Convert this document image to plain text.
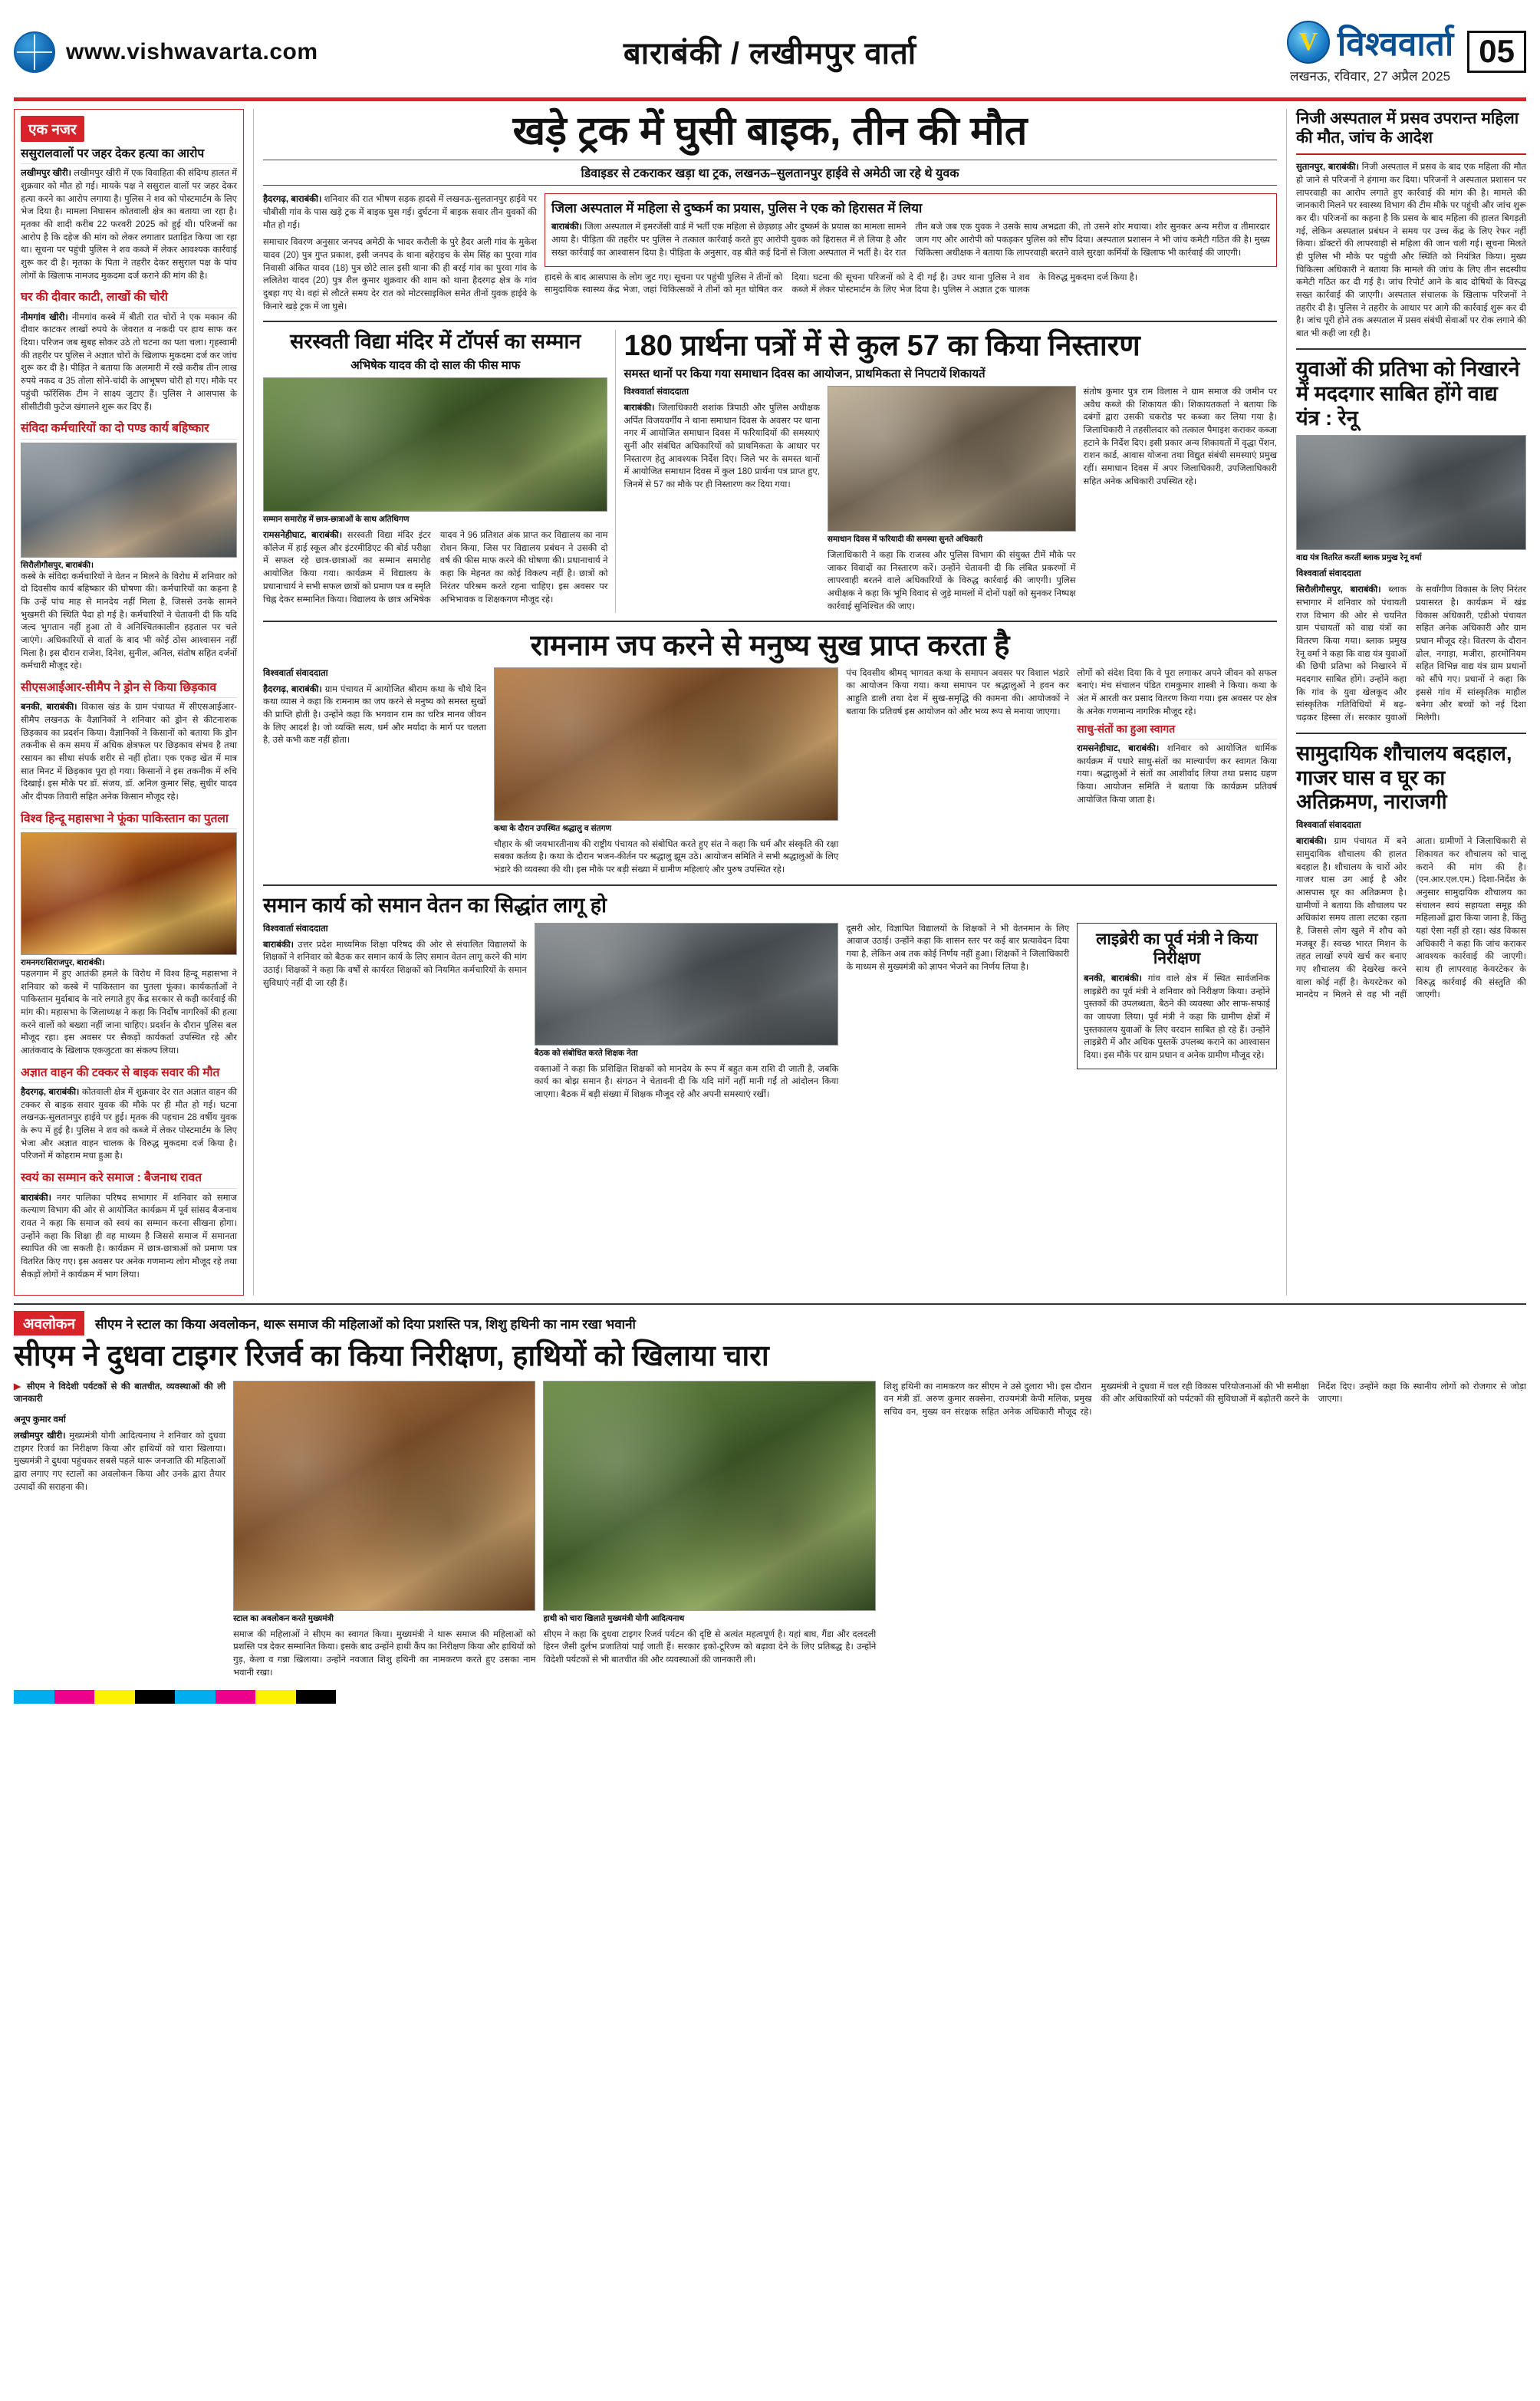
www.vishwavarta.com	बाराबंकी / लखीमपुर वार्ता	V विश्ववार्ता
लखनऊ, रविवार, 27 अप्रैल 2025
05
एक नजर
ससुरालवालों पर जहर देकर हत्या का आरोप
लखीमपुर खीरी। लखीमपुर खीरी में एक विवाहिता की संदिग्ध हालत में शुक्रवार को मौत हो गई। मायके पक्ष ने ससुराल वालों पर जहर देकर हत्या करने का आरोप लगाया है। पुलिस ने शव को पोस्टमार्टम के लिए भेज दिया है। मामला निघासन कोतवाली क्षेत्र का बताया जा रहा है। मृतका की शादी करीब 22 फरवरी 2025 को हुई थी। परिजनों का आरोप है कि दहेज की मांग को लेकर लगातार प्रताड़ित किया जा रहा था। सूचना पर पहुंची पुलिस ने शव कब्जे में लेकर आवश्यक कार्रवाई शुरू कर दी है। मृतका के पिता ने तहरीर देकर ससुराल पक्ष के पांच लोगों के खिलाफ नामजद मुकदमा दर्ज कराने की मांग की है।
घर की दीवार काटी, लाखों की चोरी
नीमगांव खीरी। नीमगांव कस्बे में बीती रात चोरों ने एक मकान की दीवार काटकर लाखों रुपये के जेवरात व नकदी पर हाथ साफ कर दिया। परिजन जब सुबह सोकर उठे तो घटना का पता चला। गृहस्वामी की तहरीर पर पुलिस ने अज्ञात चोरों के खिलाफ मुकदमा दर्ज कर जांच शुरू कर दी है। पीड़ित ने बताया कि अलमारी में रखे करीब तीन लाख रुपये नकद व 35 तोला सोने-चांदी के आभूषण चोरी हो गए। मौके पर पहुंची फॉरेंसिक टीम ने साक्ष्य जुटाए हैं। पुलिस ने आसपास के सीसीटीवी फुटेज खंगालने शुरू कर दिए हैं।
संविदा कर्मचारियों का दो पण्ड कार्य बहिष्कार
सिरौलीगौसपुर, बाराबंकी।
कस्बे के संविदा कर्मचारियों ने वेतन न मिलने के विरोध में शनिवार को दो दिवसीय कार्य बहिष्कार की घोषणा की। कर्मचारियों का कहना है कि उन्हें पांच माह से मानदेय नहीं मिला है, जिससे उनके सामने भुखमरी की स्थिति पैदा हो गई है। कर्मचारियों ने चेतावनी दी कि यदि जल्द भुगतान नहीं हुआ तो वे अनिश्चितकालीन हड़ताल पर चले जाएंगे। अधिकारियों से वार्ता के बाद भी कोई ठोस आश्वासन नहीं मिला है। इस दौरान राजेश, दिनेश, सुनील, अनिल, संतोष सहित दर्जनों कर्मचारी मौजूद रहे।
सीएसआईआर-सीमैप ने ड्रोन से किया छिड़काव
बनकी, बाराबंकी। विकास खंड के ग्राम पंचायत में सीएसआईआर-सीमैप लखनऊ के वैज्ञानिकों ने शनिवार को ड्रोन से कीटनाशक छिड़काव का प्रदर्शन किया। वैज्ञानिकों ने किसानों को बताया कि ड्रोन तकनीक से कम समय में अधिक क्षेत्रफल पर छिड़काव संभव है तथा रसायन का सीधा संपर्क शरीर से नहीं होता। एक एकड़ खेत में मात्र सात मिनट में छिड़काव पूरा हो गया। किसानों ने इस तकनीक में रुचि दिखाई। इस मौके पर डॉ. संजय, डॉ. अनिल कुमार सिंह, सुधीर यादव और दीपक तिवारी सहित अनेक किसान मौजूद रहे।
विश्व हिन्दू महासभा ने फूंका पाकिस्तान का पुतला
रामनगर/सिराजपुर, बाराबंकी।
पहलगाम में हुए आतंकी हमले के विरोध में विश्व हिन्दू महासभा ने शनिवार को कस्बे में पाकिस्तान का पुतला फूंका। कार्यकर्ताओं ने पाकिस्तान मुर्दाबाद के नारे लगाते हुए केंद्र सरकार से कड़ी कार्रवाई की मांग की। महासभा के जिलाध्यक्ष ने कहा कि निर्दोष नागरिकों की हत्या करने वालों को बख्शा नहीं जाना चाहिए। प्रदर्शन के दौरान पुलिस बल मौजूद रहा। इस अवसर पर सैकड़ों कार्यकर्ता उपस्थित रहे और आतंकवाद के खिलाफ एकजुटता का संकल्प लिया।
अज्ञात वाहन की टक्कर से बाइक सवार की मौत
हैदरगढ़, बाराबंकी। कोतवाली क्षेत्र में शुक्रवार देर रात अज्ञात वाहन की टक्कर से बाइक सवार युवक की मौके पर ही मौत हो गई। घटना लखनऊ-सुलतानपुर हाईवे पर हुई। मृतक की पहचान 28 वर्षीय युवक के रूप में हुई है। पुलिस ने शव को कब्जे में लेकर पोस्टमार्टम के लिए भेजा और अज्ञात वाहन चालक के विरुद्ध मुकदमा दर्ज किया है। परिजनों में कोहराम मचा हुआ है।
स्वयं का सम्मान करे समाज : बैजनाथ रावत
बाराबंकी। नगर पालिका परिषद सभागार में शनिवार को समाज कल्याण विभाग की ओर से आयोजित कार्यक्रम में पूर्व सांसद बैजनाथ रावत ने कहा कि समाज को स्वयं का सम्मान करना सीखना होगा। उन्होंने कहा कि शिक्षा ही वह माध्यम है जिससे समाज में समानता स्थापित की जा सकती है। कार्यक्रम में छात्र-छात्राओं को प्रमाण पत्र वितरित किए गए। इस अवसर पर अनेक गणमान्य लोग मौजूद रहे तथा सैकड़ों लोगों ने कार्यक्रम में भाग लिया।
खड़े ट्रक में घुसी बाइक, तीन की मौत
डिवाइडर से टकराकर खड़ा था ट्रक, लखनऊ–सुलतानपुर हाईवे से अमेठी जा रहे थे युवक
हैदरगढ़, बाराबंकी। शनिवार की रात भीषण सड़क हादसे में लखनऊ-सुलतानपुर हाईवे पर चौबीसी गांव के पास खड़े ट्रक में बाइक घुस गई। दुर्घटना में बाइक सवार तीन युवकों की मौत हो गई।
समाचार विवरण अनुसार जनपद अमेठी के भादर करौली के पुरे हैदर अली गांव के मुकेश यादव (20) पुत्र गुप्त प्रकाश, इसी जनपद के थाना बहेराइच के सेम सिंह का पुरवा गांव निवासी अंकित यादव (18) पुत्र छोटे लाल इसी थाना की ही बरई गांव का पुरवा गांव के ललितेश यादव (20) पुत्र शैल कुमार शुक्रवार की शाम को थाना हैदरगढ़ क्षेत्र के गांव दुबहा गए थे। वहां से लौटते समय देर रात को मोटरसाइकिल समेत तीनों युवक हाईवे के किनारे खड़े ट्रक में जा घुसे।
जिला अस्पताल में महिला से दुष्कर्म का प्रयास, पुलिस ने एक को हिरासत में लिया
बाराबंकी। जिला अस्पताल में इमरजेंसी वार्ड में भर्ती एक महिला से छेड़छाड़ और दुष्कर्म के प्रयास का मामला सामने आया है। पीड़िता की तहरीर पर पुलिस ने तत्काल कार्रवाई करते हुए आरोपी युवक को हिरासत में ले लिया है और सख्त कार्रवाई का आश्वासन दिया है। पीड़िता के अनुसार, वह बीते कई दिनों से जिला अस्पताल में भर्ती है। देर रात तीन बजे जब एक युवक ने उसके साथ अभद्रता की, तो उसने शोर मचाया। शोर सुनकर अन्य मरीज व तीमारदार जाग गए और आरोपी को पकड़कर पुलिस को सौंप दिया। अस्पताल प्रशासन ने भी जांच कमेटी गठित की है। मुख्य चिकित्सा अधीक्षक ने बताया कि लापरवाही बरतने वाले सुरक्षा कर्मियों के खिलाफ भी कार्रवाई की जाएगी।
हादसे के बाद आसपास के लोग जुट गए। सूचना पर पहुंची पुलिस ने तीनों को सामुदायिक स्वास्थ्य केंद्र भेजा, जहां चिकित्सकों ने तीनों को मृत घोषित कर दिया। घटना की सूचना परिजनों को दे दी गई है। उधर थाना पुलिस ने शव कब्जे में लेकर पोस्टमार्टम के लिए भेज दिया है। पुलिस ने अज्ञात ट्रक चालक के विरुद्ध मुकदमा दर्ज किया है।
सरस्वती विद्या मंदिर में टॉपर्स का सम्मान
अभिषेक यादव की दो साल की फीस माफ
सम्मान समारोह में छात्र-छात्राओं के साथ अतिथिगण
रामसनेहीघाट, बाराबंकी। सरस्वती विद्या मंदिर इंटर कॉलेज में हाई स्कूल और इंटरमीडिएट की बोर्ड परीक्षा में सफल रहे छात्र-छात्राओं का सम्मान समारोह आयोजित किया गया। कार्यक्रम में विद्यालय के प्रधानाचार्य ने सभी सफल छात्रों को प्रमाण पत्र व स्मृति चिह्न देकर सम्मानित किया। विद्यालय के छात्र अभिषेक यादव ने 96 प्रतिशत अंक प्राप्त कर विद्यालय का नाम रोशन किया, जिस पर विद्यालय प्रबंधन ने उसकी दो वर्ष की फीस माफ करने की घोषणा की। प्रधानाचार्य ने कहा कि मेहनत का कोई विकल्प नहीं है। छात्रों को निरंतर परिश्रम करते रहना चाहिए। इस अवसर पर अभिभावक व शिक्षकगण मौजूद रहे।
180 प्रार्थना पत्रों में से कुल 57 का किया निस्तारण
समस्त थानों पर किया गया समाधान दिवस का आयोजन, प्राथमिकता से निपटायें शिकायतें
विश्ववार्ता संवाददाता
बाराबंकी। जिलाधिकारी शशांक त्रिपाठी और पुलिस अधीक्षक अर्पित विजयवर्गीय ने थाना समाधान दिवस के अवसर पर थाना नगर में आयोजित समाधान दिवस में फरियादियों की समस्याएं सुनीं और संबंधित अधिकारियों को प्राथमिकता के आधार पर निस्तारण हेतु आवश्यक निर्देश दिए। जिले भर के समस्त थानों में आयोजित समाधान दिवस में कुल 180 प्रार्थना पत्र प्राप्त हुए, जिनमें से 57 का मौके पर ही निस्तारण कर दिया गया।
समाधान दिवस में फरियादी की समस्या सुनते अधिकारी
जिलाधिकारी ने कहा कि राजस्व और पुलिस विभाग की संयुक्त टीमें मौके पर जाकर विवादों का निस्तारण करें। उन्होंने चेतावनी दी कि लंबित प्रकरणों में लापरवाही बरतने वाले अधिकारियों के विरुद्ध कार्रवाई की जाएगी। पुलिस अधीक्षक ने कहा कि भूमि विवाद से जुड़े मामलों में दोनों पक्षों को सुनकर निष्पक्ष कार्रवाई सुनिश्चित की जाए।
संतोष कुमार पुत्र राम विलास ने ग्राम समाज की जमीन पर अवैध कब्जे की शिकायत की। शिकायतकर्ता ने बताया कि दबंगों द्वारा उसकी चकरोड पर कब्जा कर लिया गया है। जिलाधिकारी ने तहसीलदार को तत्काल पैमाइश कराकर कब्जा हटाने के निर्देश दिए। इसी प्रकार अन्य शिकायतों में वृद्धा पेंशन, राशन कार्ड, आवास योजना तथा विद्युत संबंधी समस्याएं प्रमुख रहीं। समाधान दिवस में अपर जिलाधिकारी, उपजिलाधिकारी सहित अनेक अधिकारी उपस्थित रहे।
रामनाम जप करने से मनुष्य सुख प्राप्त करता है
विश्ववार्ता संवाददाता
हैदरगढ़, बाराबंकी। ग्राम पंचायत में आयोजित श्रीराम कथा के चौथे दिन कथा व्यास ने कहा कि रामनाम का जप करने से मनुष्य को समस्त सुखों की प्राप्ति होती है। उन्होंने कहा कि भगवान राम का चरित्र मानव जीवन के लिए आदर्श है। जो व्यक्ति सत्य, धर्म और मर्यादा के मार्ग पर चलता है, उसे कभी कष्ट नहीं होता।
कथा के दौरान उपस्थित श्रद्धालु व संतगण
चौहार के श्री जयभारतीनाथ की राष्ट्रीय पंचायत को संबोधित करते हुए संत ने कहा कि धर्म और संस्कृति की रक्षा सबका कर्तव्य है। कथा के दौरान भजन-कीर्तन पर श्रद्धालु झूम उठे। आयोजन समिति ने सभी श्रद्धालुओं के लिए भंडारे की व्यवस्था की थी। इस मौके पर बड़ी संख्या में ग्रामीण महिलाएं और पुरुष उपस्थित रहे।
पंच दिवसीय श्रीमद् भागवत कथा के समापन अवसर पर विशाल भंडारे का आयोजन किया गया। कथा समापन पर श्रद्धालुओं ने हवन कर आहुति डाली तथा देश में सुख-समृद्धि की कामना की। आयोजकों ने बताया कि प्रतिवर्ष इस आयोजन को और भव्य रूप से मनाया जाएगा।
लोगों को संदेश दिया कि वे पूरा लगाकर अपने जीवन को सफल बनाएं। मंच संचालन पंडित रामकुमार शास्त्री ने किया। कथा के अंत में आरती कर प्रसाद वितरण किया गया। इस अवसर पर क्षेत्र के अनेक गणमान्य नागरिक मौजूद रहे।
साधु-संतों का हुआ स्वागत
रामसनेहीघाट, बाराबंकी। शनिवार को आयोजित धार्मिक कार्यक्रम में पधारे साधु-संतों का माल्यार्पण कर स्वागत किया गया। श्रद्धालुओं ने संतों का आशीर्वाद लिया तथा प्रसाद ग्रहण किया। आयोजन समिति ने बताया कि कार्यक्रम प्रतिवर्ष आयोजित किया जाता है।
समान कार्य को समान वेतन का सिद्धांत लागू हो
विश्ववार्ता संवाददाता
बाराबंकी। उत्तर प्रदेश माध्यमिक शिक्षा परिषद की ओर से संचालित विद्यालयों के शिक्षकों ने शनिवार को बैठक कर समान कार्य के लिए समान वेतन लागू करने की मांग उठाई। शिक्षकों ने कहा कि वर्षों से कार्यरत शिक्षकों को नियमित कर्मचारियों के समान सुविधाएं नहीं दी जा रही हैं।
बैठक को संबोधित करते शिक्षक नेता
वक्ताओं ने कहा कि प्रशिक्षित शिक्षकों को मानदेय के रूप में बहुत कम राशि दी जाती है, जबकि कार्य का बोझ समान है। संगठन ने चेतावनी दी कि यदि मांगें नहीं मानी गईं तो आंदोलन किया जाएगा। बैठक में बड़ी संख्या में शिक्षक मौजूद रहे और अपनी समस्याएं रखीं।
दूसरी ओर, विज्ञापित विद्यालयों के शिक्षकों ने भी वेतनमान के लिए आवाज उठाई। उन्होंने कहा कि शासन स्तर पर कई बार प्रत्यावेदन दिया गया है, लेकिन अब तक कोई निर्णय नहीं हुआ। शिक्षकों ने जिलाधिकारी के माध्यम से मुख्यमंत्री को ज्ञापन भेजने का निर्णय लिया है।
लाइब्रेरी का पूर्व मंत्री ने किया निरीक्षण
बनकी, बाराबंकी। गांव वाले क्षेत्र में स्थित सार्वजनिक लाइब्रेरी का पूर्व मंत्री ने शनिवार को निरीक्षण किया। उन्होंने पुस्तकों की उपलब्धता, बैठने की व्यवस्था और साफ-सफाई का जायजा लिया। पूर्व मंत्री ने कहा कि ग्रामीण क्षेत्रों में पुस्तकालय युवाओं के लिए वरदान साबित हो रहे हैं। उन्होंने लाइब्रेरी में और अधिक पुस्तकें उपलब्ध कराने का आश्वासन दिया। इस मौके पर ग्राम प्रधान व अनेक ग्रामीण मौजूद रहे।
निजी अस्पताल में प्रसव उपरान्त महिला की मौत, जांच के आदेश
सुतानपुर, बाराबंकी। निजी अस्पताल में प्रसव के बाद एक महिला की मौत हो जाने से परिजनों ने हंगामा कर दिया। परिजनों ने अस्पताल प्रशासन पर लापरवाही का आरोप लगाते हुए कार्रवाई की मांग की है। मामले की जानकारी मिलने पर स्वास्थ्य विभाग की टीम मौके पर पहुंची और जांच शुरू कर दी। परिजनों का कहना है कि प्रसव के बाद महिला की हालत बिगड़ती गई, लेकिन अस्पताल प्रबंधन ने समय पर उच्च केंद्र के लिए रेफर नहीं किया। डॉक्टरों की लापरवाही से महिला की जान चली गई। सूचना मिलते ही पुलिस भी मौके पर पहुंची और स्थिति को नियंत्रित किया। मुख्य चिकित्सा अधिकारी ने बताया कि मामले की जांच के लिए तीन सदस्यीय कमेटी गठित कर दी गई है। जांच रिपोर्ट आने के बाद दोषियों के विरुद्ध सख्त कार्रवाई की जाएगी। अस्पताल संचालक के खिलाफ परिजनों ने तहरीर दी है। पुलिस ने तहरीर के आधार पर आगे की कार्रवाई शुरू कर दी है। जांच पूरी होने तक अस्पताल में प्रसव संबंधी सेवाओं पर रोक लगाने की बात भी कही जा रही है।
युवाओं की प्रतिभा को निखारने में मददगार साबित होंगे वाद्य यंत्र : रेनू
वाद्य यंत्र वितरित करतीं ब्लाक प्रमुख रेनू वर्मा
विश्ववार्ता संवाददाता
सिरौलीगौसपुर, बाराबंकी। ब्लाक सभागार में शनिवार को पंचायती राज विभाग की ओर से चयनित ग्राम पंचायतों को वाद्य यंत्रों का वितरण किया गया। ब्लाक प्रमुख रेनू वर्मा ने कहा कि वाद्य यंत्र युवाओं की छिपी प्रतिभा को निखारने में मददगार साबित होंगे। उन्होंने कहा कि गांव के युवा खेलकूद और सांस्कृतिक गतिविधियों में बढ़-चढ़कर हिस्सा लें। सरकार युवाओं के सर्वांगीण विकास के लिए निरंतर प्रयासरत है। कार्यक्रम में खंड विकास अधिकारी, एडीओ पंचायत सहित अनेक अधिकारी और ग्राम प्रधान मौजूद रहे। वितरण के दौरान ढोल, नगाड़ा, मजीरा, हारमोनियम सहित विभिन्न वाद्य यंत्र ग्राम प्रधानों को सौंपे गए। प्रधानों ने कहा कि इससे गांव में सांस्कृतिक माहौल बनेगा और बच्चों को नई दिशा मिलेगी।
सामुदायिक शौचालय बदहाल, गाजर घास व घूर का अतिक्रमण, नाराजगी
विश्ववार्ता संवाददाता
बाराबंकी। ग्राम पंचायत में बने सामुदायिक शौचालय की हालत बदहाल है। शौचालय के चारों ओर गाजर घास उग आई है और आसपास घूर का अतिक्रमण है। ग्रामीणों ने बताया कि शौचालय पर अधिकांश समय ताला लटका रहता है, जिससे लोग खुले में शौच को मजबूर हैं। स्वच्छ भारत मिशन के तहत लाखों रुपये खर्च कर बनाए गए शौचालय की देखरेख करने वाला कोई नहीं है। केयरटेकर को मानदेय न मिलने से वह भी नहीं आता। ग्रामीणों ने जिलाधिकारी से शिकायत कर शौचालय को चालू कराने की मांग की है। (एन.आर.एल.एम.) दिशा-निर्देश के अनुसार सामुदायिक शौचालय का संचालन स्वयं सहायता समूह की महिलाओं द्वारा किया जाना है, किंतु यहां ऐसा नहीं हो रहा। खंड विकास अधिकारी ने कहा कि जांच कराकर आवश्यक कार्रवाई की जाएगी। साथ ही लापरवाह केयरटेकर के विरुद्ध कार्रवाई की संस्तुति की जाएगी।
अवलोकन	सीएम ने स्टाल का किया अवलोकन, थारू समाज की महिलाओं को दिया प्रशस्ति पत्र, शिशु हथिनी का नाम रखा भवानी
सीएम ने दुधवा टाइगर रिजर्व का किया निरीक्षण, हाथियों को खिलाया चारा
▶ सीएम ने विदेशी पर्यटकों से की बातचीत, व्यवस्थाओं की ली जानकारी
अनूप कुमार वर्मा
लखीमपुर खीरी। मुख्यमंत्री योगी आदित्यनाथ ने शनिवार को दुधवा टाइगर रिजर्व का निरीक्षण किया और हाथियों को चारा खिलाया। मुख्यमंत्री ने दुधवा पहुंचकर सबसे पहले थारू जनजाति की महिलाओं द्वारा लगाए गए स्टालों का अवलोकन किया और उनके द्वारा तैयार उत्पादों की सराहना की।
स्टाल का अवलोकन करते मुख्यमंत्री
समाज की महिलाओं ने सीएम का स्वागत किया। मुख्यमंत्री ने थारू समाज की महिलाओं को प्रशस्ति पत्र देकर सम्मानित किया। इसके बाद उन्होंने हाथी कैंप का निरीक्षण किया और हाथियों को गुड़, केला व गन्ना खिलाया। उन्होंने नवजात शिशु हथिनी का नामकरण करते हुए उसका नाम भवानी रखा।
हाथी को चारा खिलाते मुख्यमंत्री योगी आदित्यनाथ
सीएम ने कहा कि दुधवा टाइगर रिजर्व पर्यटन की दृष्टि से अत्यंत महत्वपूर्ण है। यहां बाघ, गैंडा और दलदली हिरन जैसी दुर्लभ प्रजातियां पाई जाती हैं। सरकार इको-टूरिज्म को बढ़ावा देने के लिए प्रतिबद्ध है। उन्होंने विदेशी पर्यटकों से भी बातचीत की और व्यवस्थाओं की जानकारी ली।
शिशु हथिनी का नामकरण कर सीएम ने उसे दुलारा भी। इस दौरान वन मंत्री डॉ. अरुण कुमार सक्सेना, राज्यमंत्री केपी मलिक, प्रमुख सचिव वन, मुख्य वन संरक्षक सहित अनेक अधिकारी मौजूद रहे। मुख्यमंत्री ने दुधवा में चल रही विकास परियोजनाओं की भी समीक्षा की और अधिकारियों को पर्यटकों की सुविधाओं में बढ़ोतरी करने के निर्देश दिए। उन्होंने कहा कि स्थानीय लोगों को रोजगार से जोड़ा जाएगा।
